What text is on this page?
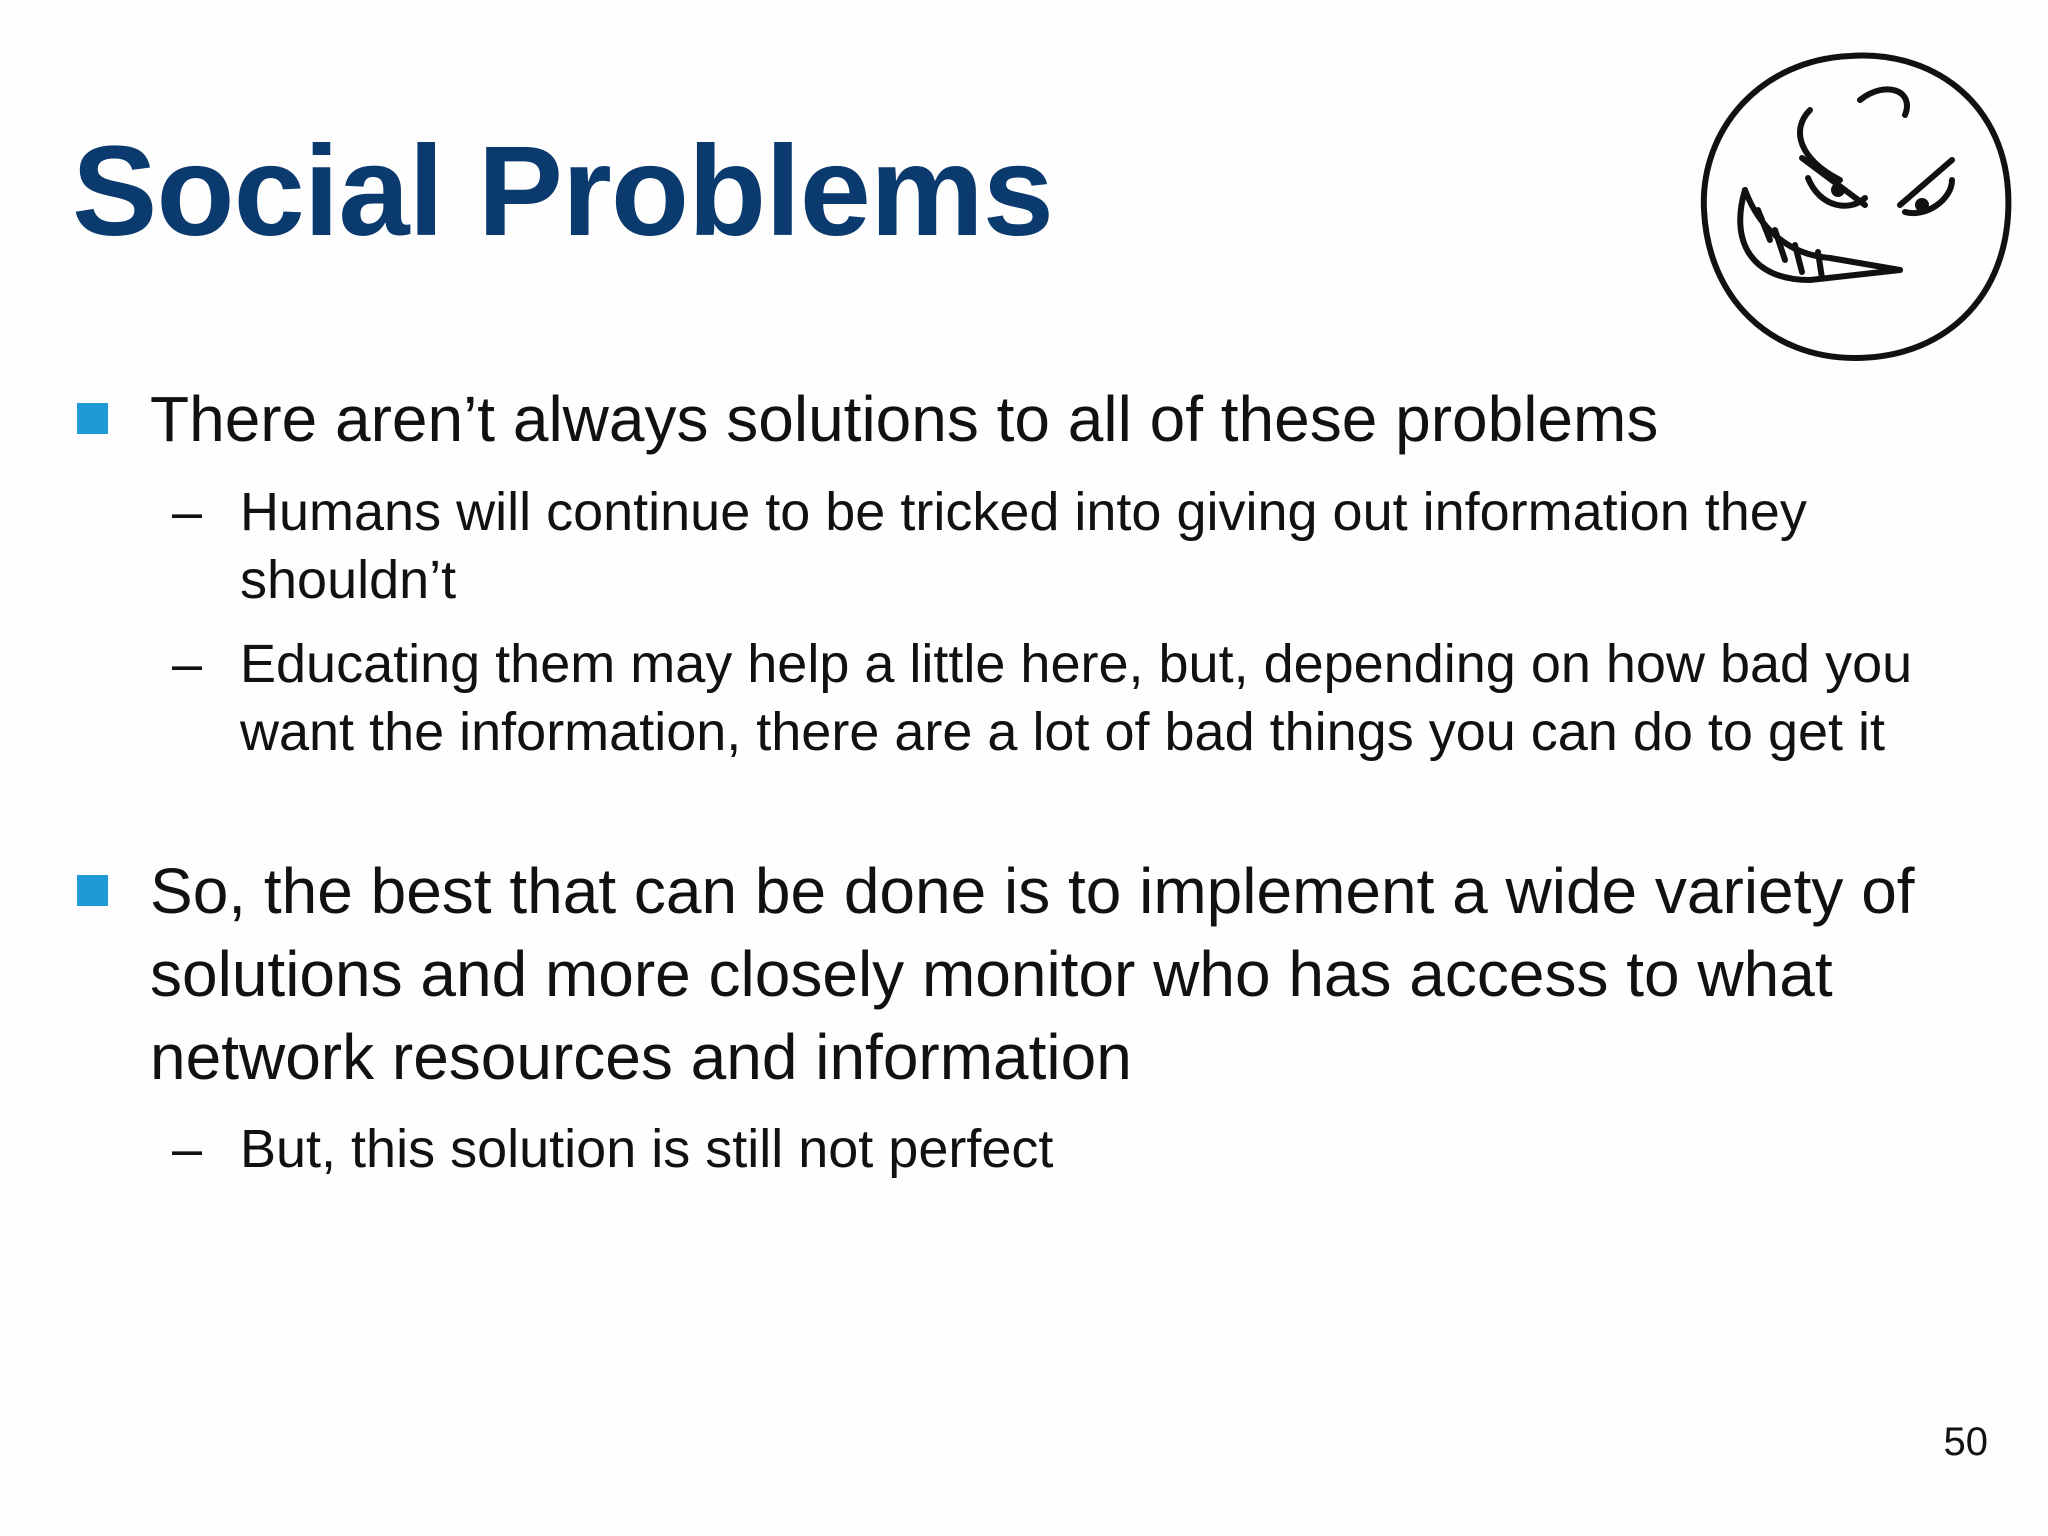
Social Problems
There aren’t always solutions to all of these problems
– Humans will continue to be tricked into giving out information they shouldn’t
– Educating them may help a little here, but, depending on how bad you want the information, there are a lot of bad things you can do to get it
So, the best that can be done is to implement a wide variety of solutions and more closely monitor who has access to what network resources and information
– But, this solution is still not perfect
50
